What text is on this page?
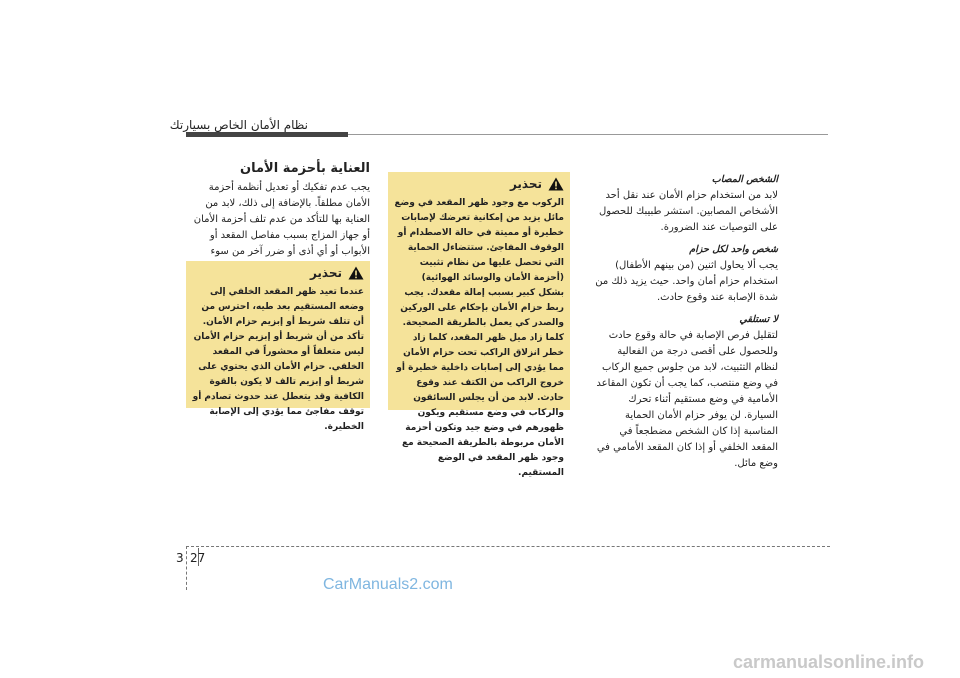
نظام الأمان الخاص بسيارتك
الشخص المصاب

لابد من استخدام حزام الأمان عند نقل أحد الأشخاص المصابين. استشر طبيبك للحصول على التوصيات عند الضرورة.

شخص واحد لكل حزام

يجب ألا يحاول اثنين (من بينهم الأطفال) استخدام حزام أمان واحد. حيث يزيد ذلك من شدة الإصابة عند وقوع حادث.

لا تستلقي

لتقليل فرص الإصابة في حالة وقوع حادث وللحصول على أقصى درجة من الفعالية لنظام التثبيت، لابد من جلوس جميع الركاب في وضع منتصب، كما يجب أن تكون المقاعد الأمامية في وضع مستقيم أثناء تحرك السيارة. لن يوفر حزام الأمان الحماية المناسبة إذا كان الشخص مضطجعاً في المقعد الخلفي أو إذا كان المقعد الأمامي في وضع مائل.

تحذير
الركوب مع وجود ظهر المقعد في وضع مائل يزيد من إمكانية تعرضك لإصابات خطيرة أو مميتة في حالة الاصطدام أو الوقوف المفاجئ. ستتضاءل الحماية التي تحصل عليها من نظام تثبيت (أحزمة الأمان والوسائد الهوائية) بشكل كبير بسبب إمالة مقعدك. يجب ربط حزام الأمان بإحكام على الوركين والصدر كي يعمل بالطريقة الصحيحة. كلما زاد ميل ظهر المقعد، كلما زاد خطر انزلاق الراكب تحت حزام الأمان مما يؤدي إلى إصابات داخلية خطيرة أو خروج الراكب من الكتف عند وقوع حادث. لابد من أن يجلس السائقون والركاب في وضع مستقيم ويكون ظهورهم في وضع جيد وتكون أحزمة الأمان مربوطة بالطريقة الصحيحة مع وجود ظهر المقعد في الوضع المستقيم.
العناية بأحزمة الأمان

يجب عدم تفكيك أو تعديل أنظمة أحزمة الأمان مطلقاً. بالإضافة إلى ذلك، لابد من العناية بها للتأكد من عدم تلف أحزمة الأمان أو جهاز المزاج بسبب مفاصل المقعد أو الأبواب أو أي أذى أو ضرر آخر من سوء

تحذير
عندما تعيد ظهر المقعد الخلفي إلى وضعه المستقيم بعد طيه، احترس من أن تتلف شريط أو إبزيم حزام الأمان. تأكد من أن شريط أو إبزيم حزام الأمان ليس متعلقاً أو محشوراً في المقعد الخلفي. حزام الأمان الذي يحتوي على شريط أو إبزيم تالف لا يكون بالقوة الكافية وقد يتعطل عند حدوث تصادم أو توقف مفاجئ مما يؤدي إلى الإصابة الخطيرة.
3 27
CarManuals2.com
carmanualsonline.info
